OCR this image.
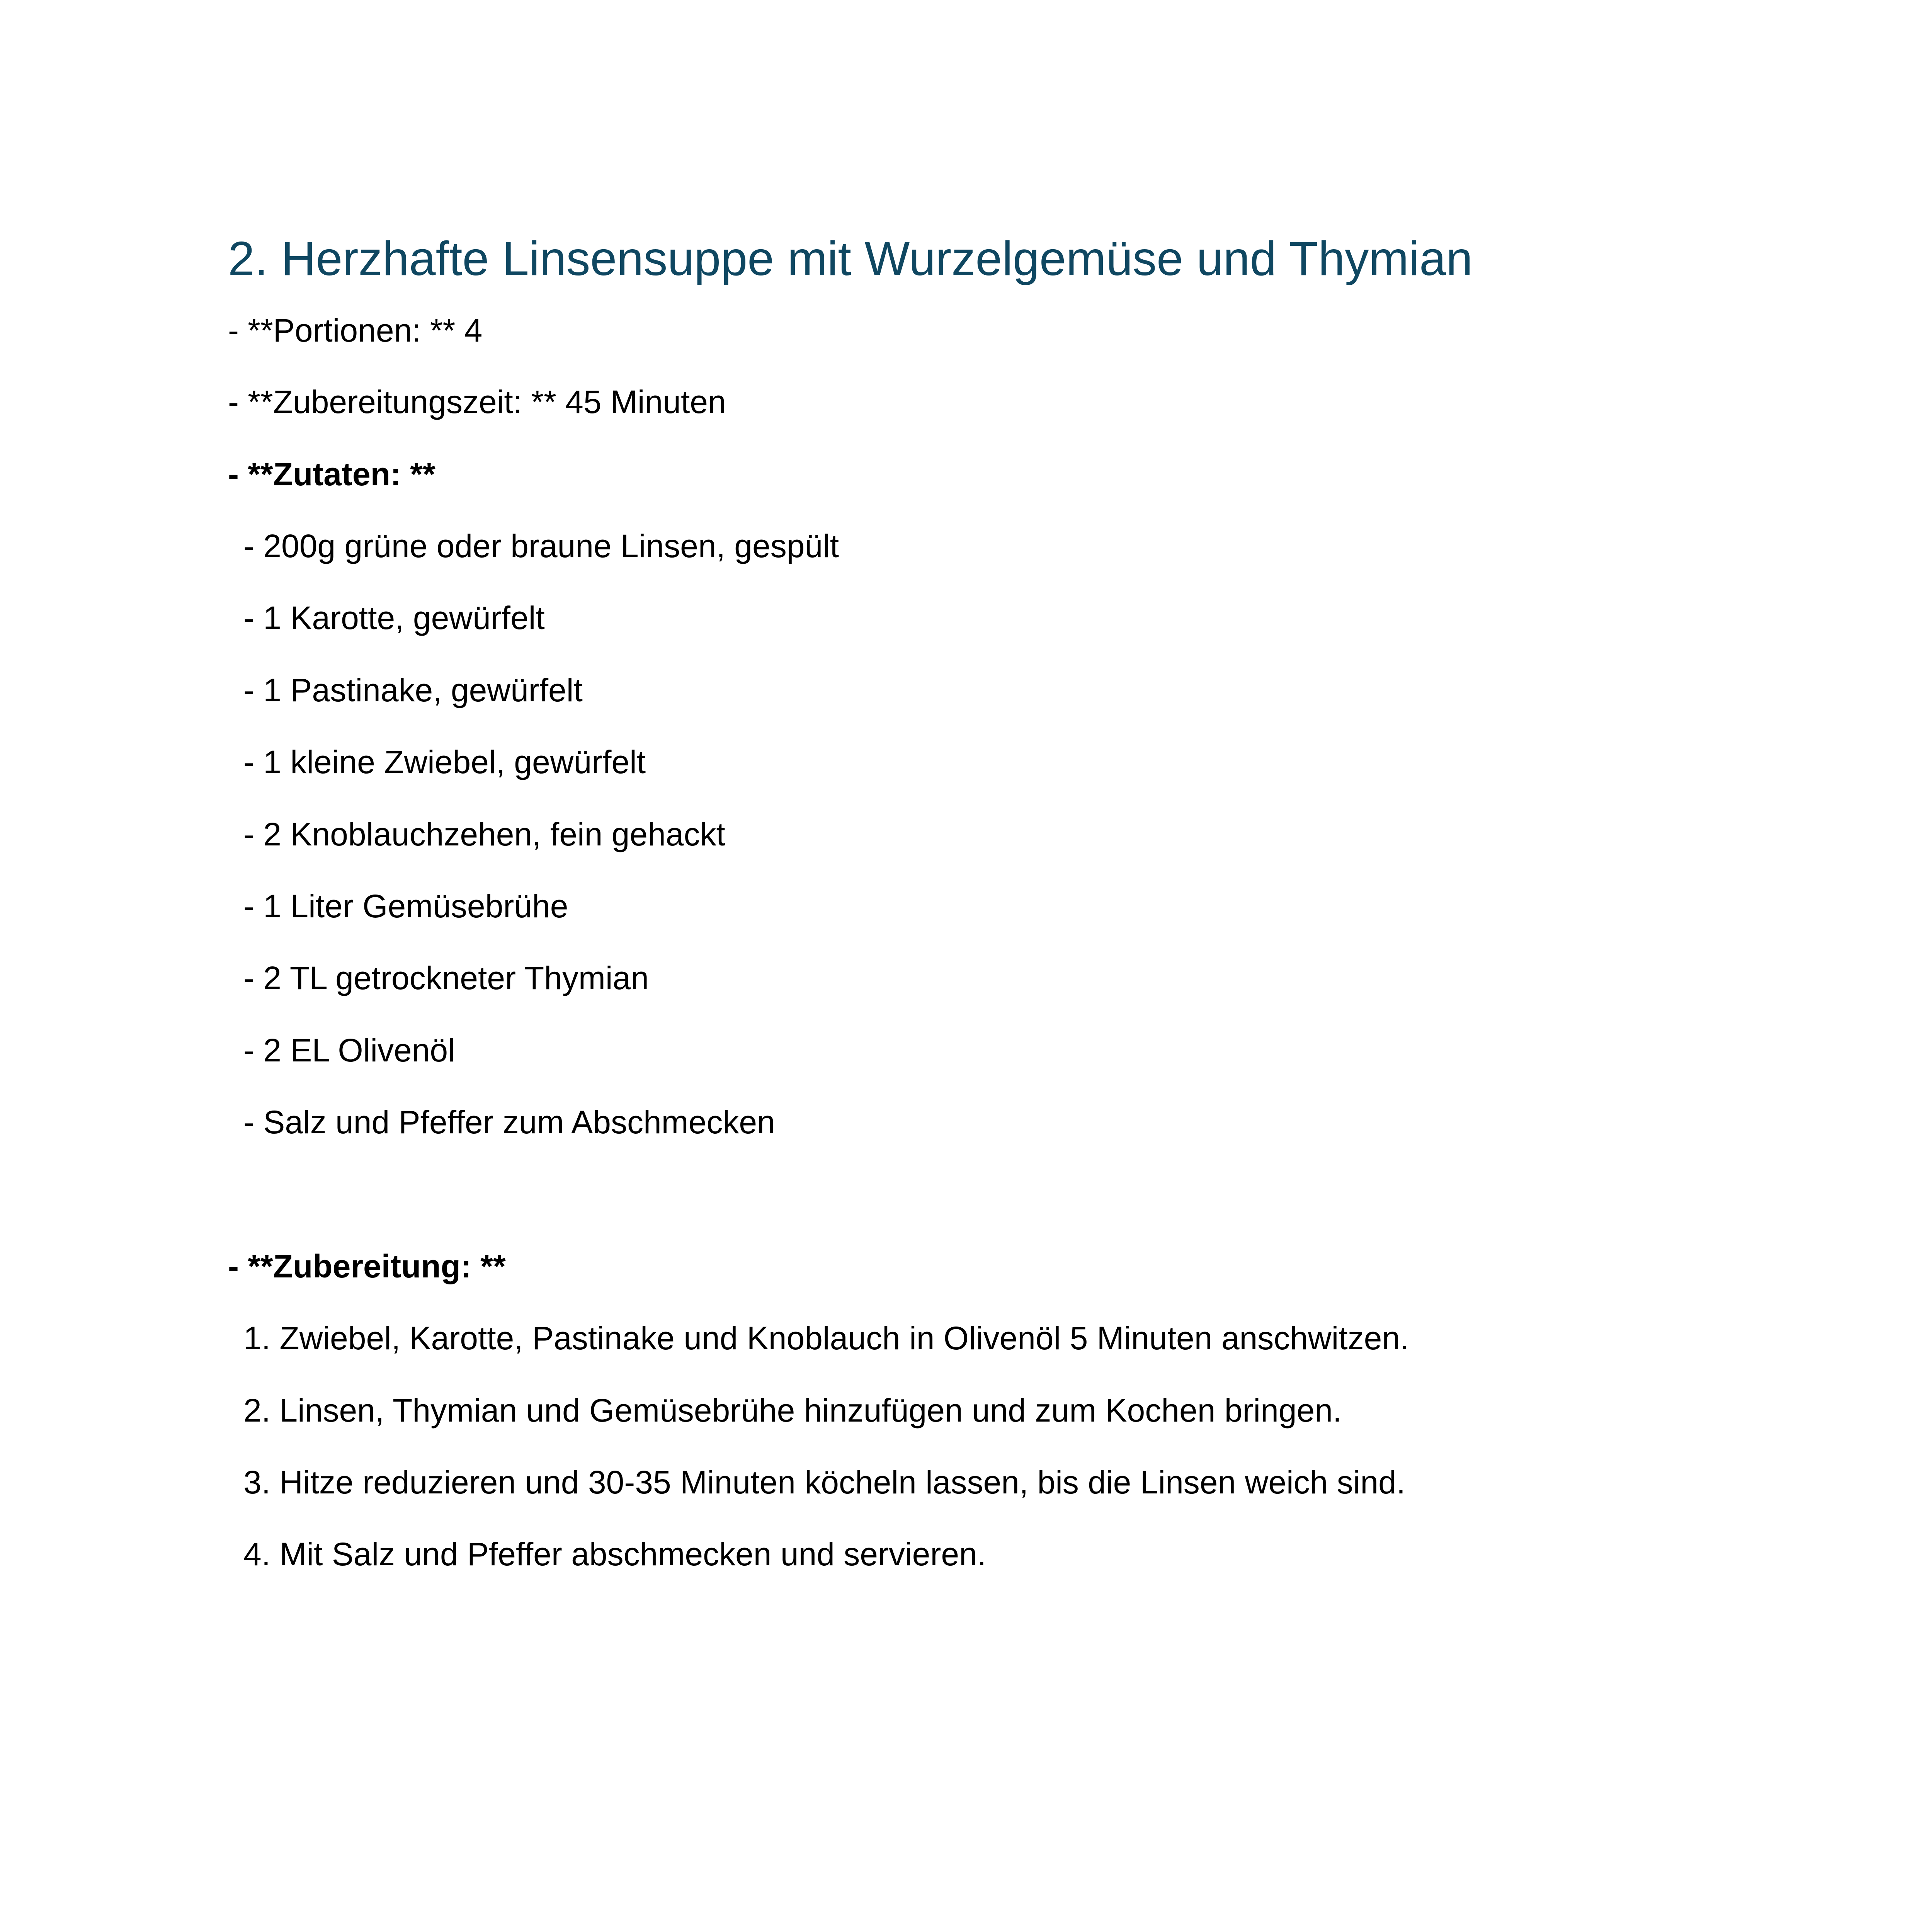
2. Herzhafte Linsensuppe mit Wurzelgemüse und Thymian

- **Portionen: ** 4

- **Zubereitungszeit: ** 45 Minuten

- **Zutaten: **

- 200g grüne oder braune Linsen, gespült

- 1 Karotte, gewürfelt

- 1 Pastinake, gewürfelt

- 1 kleine Zwiebel, gewürfelt

- 2 Knoblauchzehen, fein gehackt

- 1 Liter Gemüsebrühe

- 2 TL getrockneter Thymian

- 2 EL Olivenöl

- Salz und Pfeffer zum Abschmecken

- **Zubereitung: **

1. Zwiebel, Karotte, Pastinake und Knoblauch in Olivenöl 5 Minuten anschwitzen.

2. Linsen, Thymian und Gemüsebrühe hinzufügen und zum Kochen bringen.

3. Hitze reduzieren und 30-35 Minuten köcheln lassen, bis die Linsen weich sind.

4. Mit Salz und Pfeffer abschmecken und servieren.
